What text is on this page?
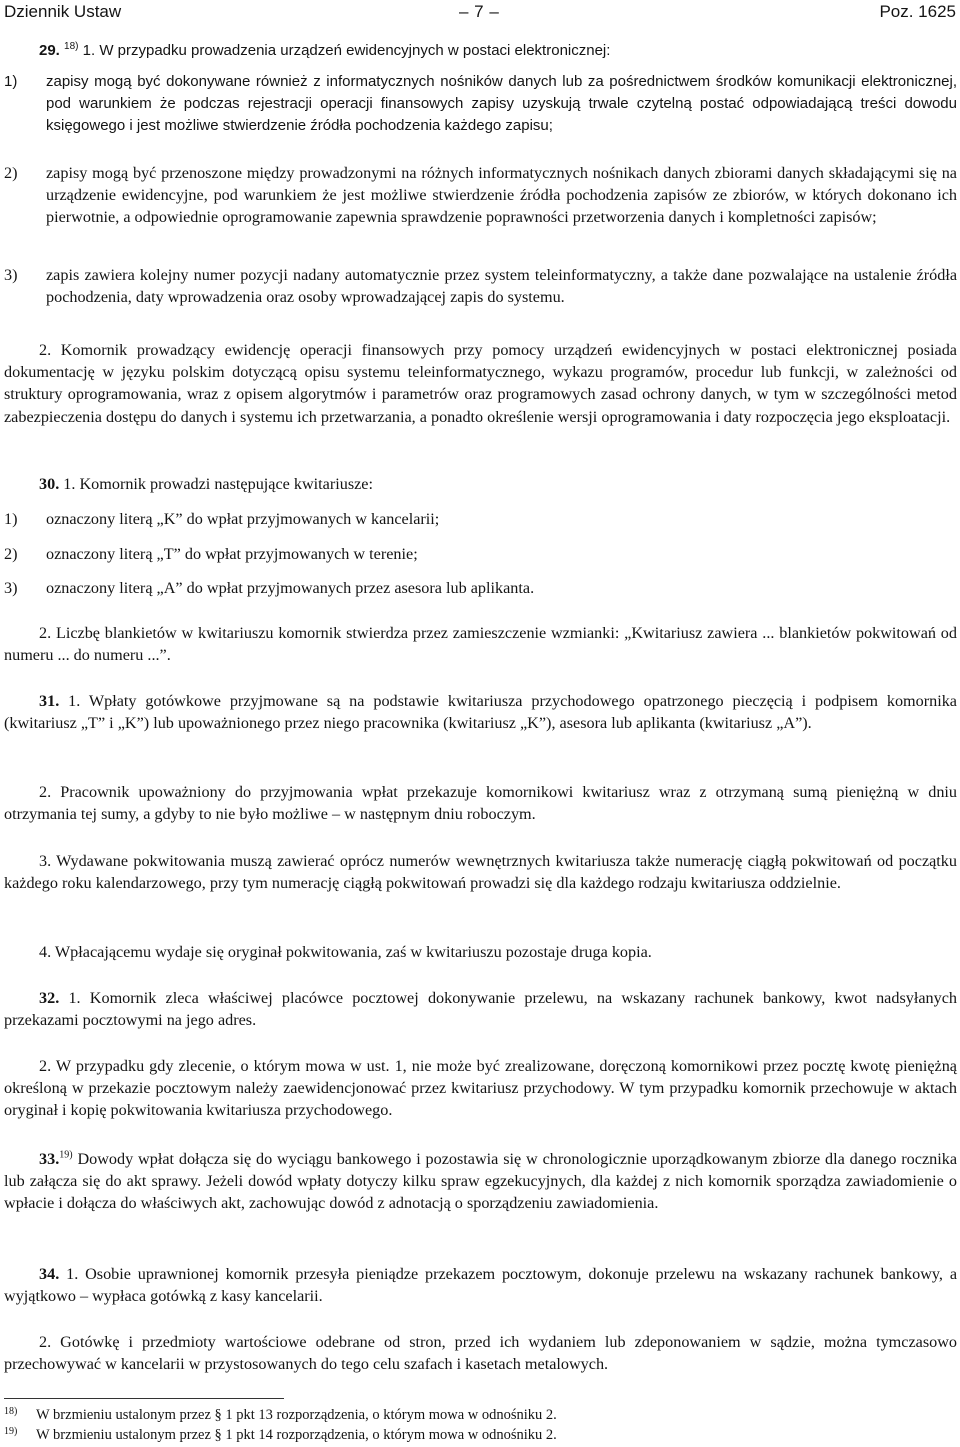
Dziennik Ustaw	– 7 –	Poz. 1625
29. $^{18)}$ 1. W przypadku prowadzenia urządzeń ewidencyjnych w postaci elektronicznej:
1) zapisy mogą być dokonywane również z informatycznych nośników danych lub za pośrednictwem środków komunikacji elektronicznej, pod warunkiem że podczas rejestracji operacji finansowych zapisy uzyskują trwale czytelną postać odpowiadającą treści dowodu księgowego i jest możliwe stwierdzenie źródła pochodzenia każdego zapisu;
2) zapisy mogą być przenoszone między prowadzonymi na różnych informatycznych nośnikach danych zbiorami danych składającymi się na urządzenie ewidencyjne, pod warunkiem że jest możliwe stwierdzenie źródła pochodzenia zapisów ze zbiorów, w których dokonano ich pierwotnie, a odpowiednie oprogramowanie zapewnia sprawdzenie poprawności przetworzenia danych i kompletności zapisów;
3) zapis zawiera kolejny numer pozycji nadany automatycznie przez system teleinformatyczny, a także dane pozwalające na ustalenie źródła pochodzenia, daty wprowadzenia oraz osoby wprowadzającej zapis do systemu.
2. Komornik prowadzący ewidencję operacji finansowych przy pomocy urządzeń ewidencyjnych w postaci elektronicznej posiada dokumentację w języku polskim dotyczącą opisu systemu teleinformatycznego, wykazu programów, procedur lub funkcji, w zależności od struktury oprogramowania, wraz z opisem algorytmów i parametrów oraz programowych zasad ochrony danych, w tym w szczególności metod zabezpieczenia dostępu do danych i systemu ich przetwarzania, a ponadto określenie wersji oprogramowania i daty rozpoczęcia jego eksploatacji.
30. 1. Komornik prowadzi następujące kwitariusze:
1) oznaczony literą „K” do wpłat przyjmowanych w kancelarii;
2) oznaczony literą „T” do wpłat przyjmowanych w terenie;
3) oznaczony literą „A” do wpłat przyjmowanych przez asesora lub aplikanta.
2. Liczbę blankietów w kwitariuszu komornik stwierdza przez zamieszczenie wzmianki: „Kwitariusz zawiera ... blankietów pokwitowań od numeru ... do numeru ...”.
31. 1. Wpłaty gotówkowe przyjmowane są na podstawie kwitariusza przychodowego opatrzonego pieczęcią i podpisem komornika (kwitariusz „T” i „K”) lub upoważnionego przez niego pracownika (kwitariusz „K”), asesora lub aplikanta (kwitariusz „A”).
2. Pracownik upoważniony do przyjmowania wpłat przekazuje komornikowi kwitariusz wraz z otrzymaną sumą pieniężną w dniu otrzymania tej sumy, a gdyby to nie było możliwe – w następnym dniu roboczym.
3. Wydawane pokwitowania muszą zawierać oprócz numerów wewnętrznych kwitariusza także numerację ciągłą pokwitowań od początku każdego roku kalendarzowego, przy tym numerację ciągłą pokwitowań prowadzi się dla każdego rodzaju kwitariusza oddzielnie.
4. Wpłacającemu wydaje się oryginał pokwitowania, zaś w kwitariuszu pozostaje druga kopia.
32. 1. Komornik zleca właściwej placówce pocztowej dokonywanie przelewu, na wskazany rachunek bankowy, kwot nadsyłanych przekazami pocztowymi na jego adres.
2. W przypadku gdy zlecenie, o którym mowa w ust. 1, nie może być zrealizowane, doręczoną komornikowi przez pocztę kwotę pieniężną określoną w przekazie pocztowym należy zaewidencjonować przez kwitariusz przychodowy. W tym przypadku komornik przechowuje w aktach oryginał i kopię pokwitowania kwitariusza przychodowego.
33.$^{19)}$ Dowody wpłat dołącza się do wyciągu bankowego i pozostawia się w chronologicznie uporządkowanym zbiorze dla danego rocznika lub załącza się do akt sprawy. Jeżeli dowód wpłaty dotyczy kilku spraw egzekucyjnych, dla każdej z nich komornik sporządza zawiadomienie o wpłacie i dołącza do właściwych akt, zachowując dowód z adnotacją o sporządzeniu zawiadomienia.
34. 1. Osobie uprawnionej komornik przesyła pieniądze przekazem pocztowym, dokonuje przelewu na wskazany rachunek bankowy, a wyjątkowo – wypłaca gotówką z kasy kancelarii.
2. Gotówkę i przedmioty wartościowe odebrane od stron, przed ich wydaniem lub zdeponowaniem w sądzie, można tymczasowo przechowywać w kancelarii w przystosowanych do tego celu szafach i kasetach metalowych.
18) W brzmieniu ustalonym przez § 1 pkt 13 rozporządzenia, o którym mowa w odnośniku 2.
19) W brzmieniu ustalonym przez § 1 pkt 14 rozporządzenia, o którym mowa w odnośniku 2.
